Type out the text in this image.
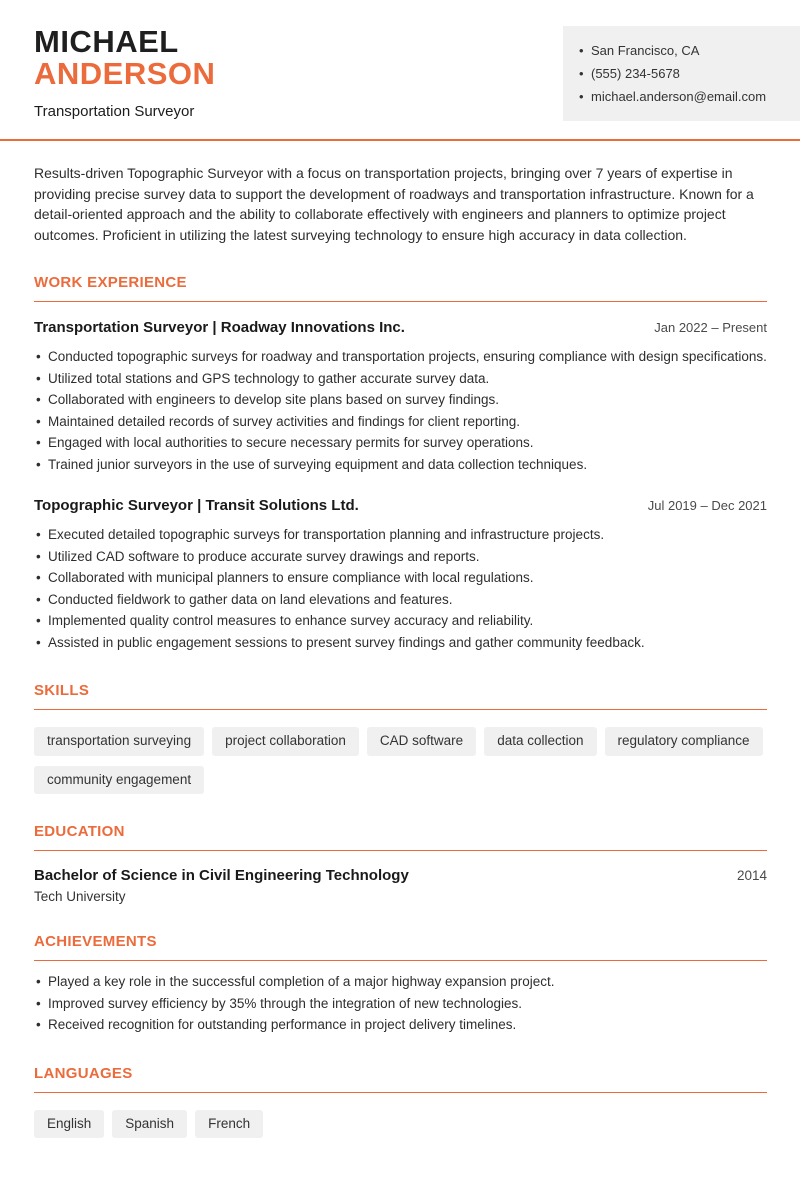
MICHAEL
ANDERSON
Transportation Surveyor
• San Francisco, CA
• (555) 234-5678
• michael.anderson@email.com

Results-driven Topographic Surveyor with a focus on transportation projects, bringing over 7 years of expertise in providing precise survey data to support the development of roadways and transportation infrastructure. Known for a detail-oriented approach and the ability to collaborate effectively with engineers and planners to optimize project outcomes. Proficient in utilizing the latest surveying technology to ensure high accuracy in data collection.

WORK EXPERIENCE
Transportation Surveyor | Roadway Innovations Inc.	Jan 2022 – Present
• Conducted topographic surveys for roadway and transportation projects, ensuring compliance with design specifications.
• Utilized total stations and GPS technology to gather accurate survey data.
• Collaborated with engineers to develop site plans based on survey findings.
• Maintained detailed records of survey activities and findings for client reporting.
• Engaged with local authorities to secure necessary permits for survey operations.
• Trained junior surveyors in the use of surveying equipment and data collection techniques.
Topographic Surveyor | Transit Solutions Ltd.	Jul 2019 – Dec 2021
• Executed detailed topographic surveys for transportation planning and infrastructure projects.
• Utilized CAD software to produce accurate survey drawings and reports.
• Collaborated with municipal planners to ensure compliance with local regulations.
• Conducted fieldwork to gather data on land elevations and features.
• Implemented quality control measures to enhance survey accuracy and reliability.
• Assisted in public engagement sessions to present survey findings and gather community feedback.
SKILLS
transportation surveying	project collaboration	CAD software	data collection	regulatory compliance
community engagement
EDUCATION
Bachelor of Science in Civil Engineering Technology	2014
Tech University
ACHIEVEMENTS
• Played a key role in the successful completion of a major highway expansion project.
• Improved survey efficiency by 35% through the integration of new technologies.
• Received recognition for outstanding performance in project delivery timelines.
LANGUAGES
English	Spanish	French
